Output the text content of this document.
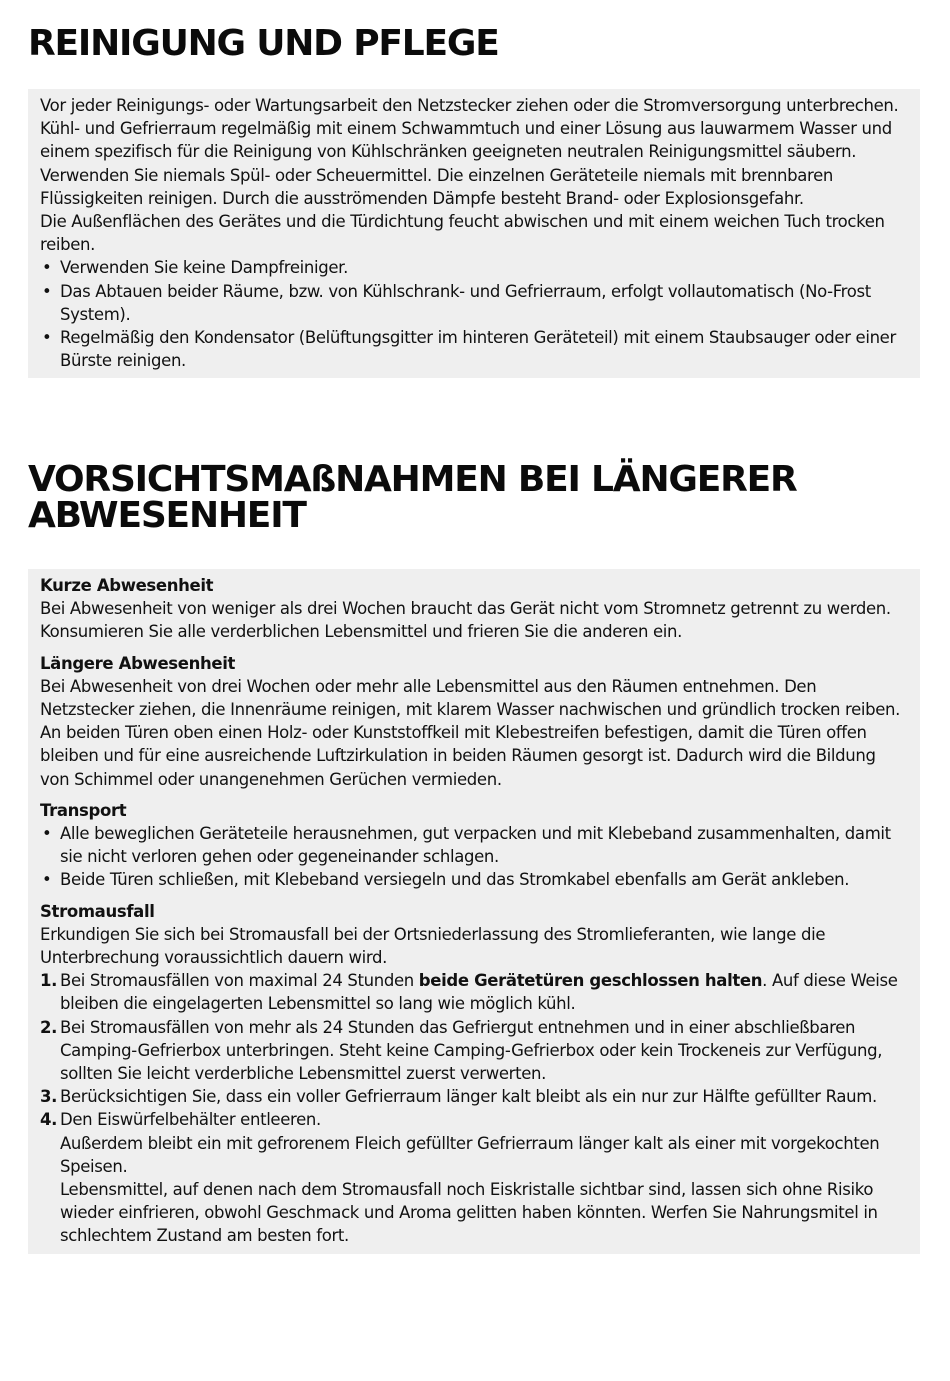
REINIGUNG UND PFLEGE

Vor jeder Reinigungs- oder Wartungsarbeit den Netzstecker ziehen oder die Stromversorgung unterbrechen.

Kühl- und Gefrierraum regelmäßig mit einem Schwammtuch und einer Lösung aus lauwarmem Wasser und einem spezifisch für die Reinigung von Kühlschränken geeigneten neutralen Reinigungsmittel säubern. Verwenden Sie niemals Spül- oder Scheuermittel. Die einzelnen Geräteteile niemals mit brennbaren Flüssigkeiten reinigen. Durch die ausströmenden Dämpfe besteht Brand- oder Explosionsgefahr.

Die Außenflächen des Gerätes und die Türdichtung feucht abwischen und mit einem weichen Tuch trocken reiben.

• Verwenden Sie keine Dampfreiniger.
• Das Abtauen beider Räume, bzw. von Kühlschrank- und Gefrierraum, erfolgt vollautomatisch (No-Frost System).
• Regelmäßig den Kondensator (Belüftungsgitter im hinteren Geräteteil) mit einem Staubsauger oder einer Bürste reinigen.
VORSICHTSMAßNAHMEN BEI LÄNGERER
ABWESENHEIT

Kurze Abwesenheit

Bei Abwesenheit von weniger als drei Wochen braucht das Gerät nicht vom Stromnetz getrennt zu werden. Konsumieren Sie alle verderblichen Lebensmittel und frieren Sie die anderen ein.

Längere Abwesenheit

Bei Abwesenheit von drei Wochen oder mehr alle Lebensmittel aus den Räumen entnehmen. Den Netzstecker ziehen, die Innenräume reinigen, mit klarem Wasser nachwischen und gründlich trocken reiben.

An beiden Türen oben einen Holz- oder Kunststoffkeil mit Klebestreifen befestigen, damit die Türen offen bleiben und für eine ausreichende Luftzirkulation in beiden Räumen gesorgt ist. Dadurch wird die Bildung von Schimmel oder unangenehmen Gerüchen vermieden.

Transport

• Alle beweglichen Geräteteile herausnehmen, gut verpacken und mit Klebeband zusammenhalten, damit sie nicht verloren gehen oder gegeneinander schlagen.
• Beide Türen schließen, mit Klebeband versiegeln und das Stromkabel ebenfalls am Gerät ankleben.

Stromausfall

Erkundigen Sie sich bei Stromausfall bei der Ortsniederlassung des Stromlieferanten, wie lange die Unterbrechung voraussichtlich dauern wird.

1. Bei Stromausfällen von maximal 24 Stunden beide Gerätetüren geschlossen halten. Auf diese Weise bleiben die eingelagerten Lebensmittel so lang wie möglich kühl.
2. Bei Stromausfällen von mehr als 24 Stunden das Gefriergut entnehmen und in einer abschließbaren Camping-Gefrierbox unterbringen. Steht keine Camping-Gefrierbox oder kein Trockeneis zur Verfügung, sollten Sie leicht verderbliche Lebensmittel zuerst verwerten.
3. Berücksichtigen Sie, dass ein voller Gefrierraum länger kalt bleibt als ein nur zur Hälfte gefüllter Raum.
4. Den Eiswürfelbehälter entleeren.

Außerdem bleibt ein mit gefrorenem Fleich gefüllter Gefrierraum länger kalt als einer mit vorgekochten Speisen.

Lebensmittel, auf denen nach dem Stromausfall noch Eiskristalle sichtbar sind, lassen sich ohne Risiko wieder einfrieren, obwohl Geschmack und Aroma gelitten haben könnten. Werfen Sie Nahrungsmitel in schlechtem Zustand am besten fort.
